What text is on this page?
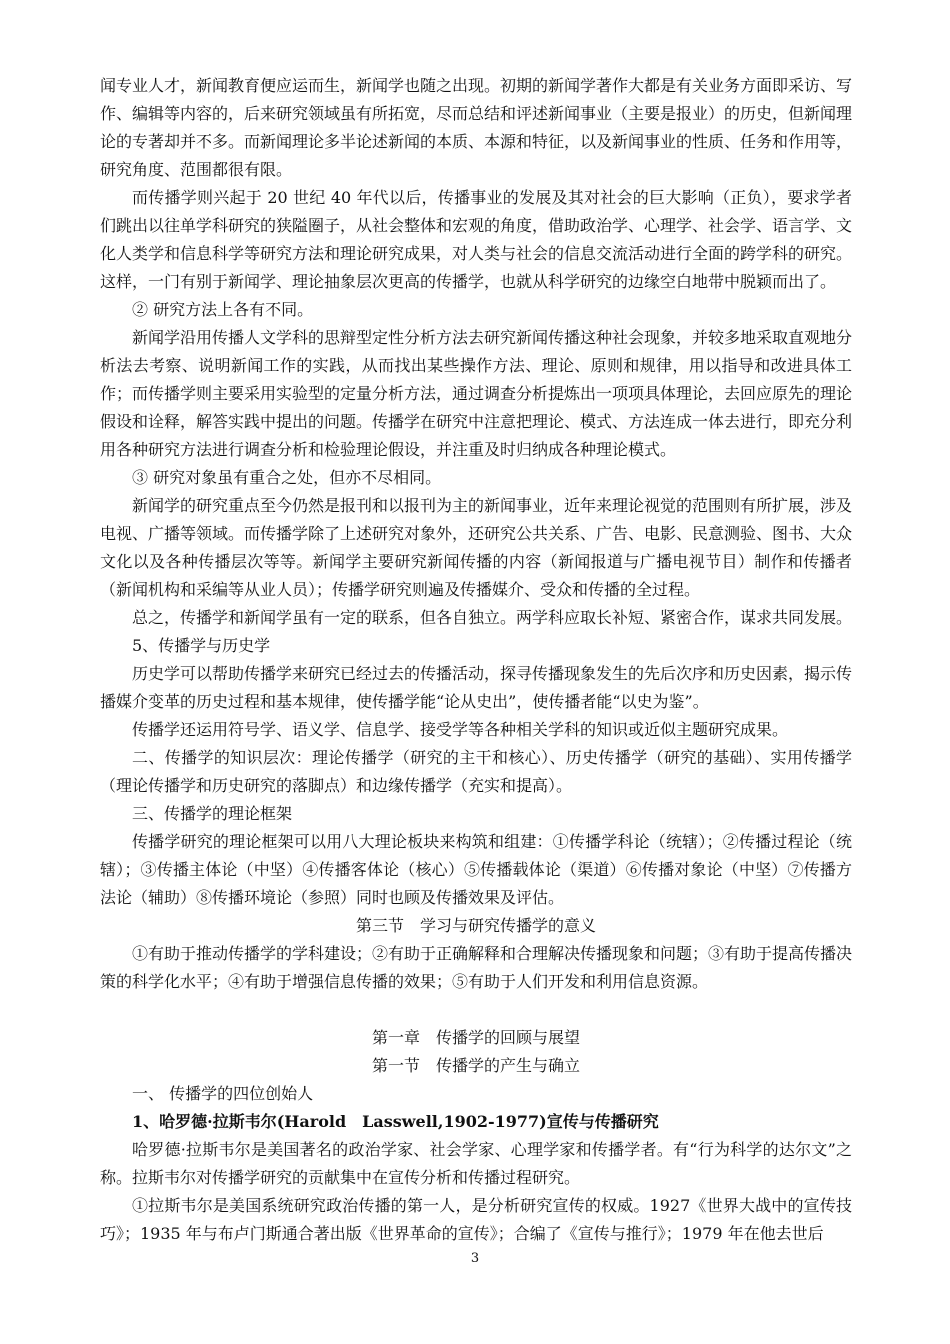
闻专业人才，新闻教育便应运而生，新闻学也随之出现。初期的新闻学著作大都是有关业务方面即采访、写作、编辑等内容的，后来研究领域虽有所拓宽，尽而总结和评述新闻事业（主要是报业）的历史，但新闻理论的专著却并不多。而新闻理论多半论述新闻的本质、本源和特征，以及新闻事业的性质、任务和作用等，研究角度、范围都很有限。

而传播学则兴起于 20 世纪 40 年代以后，传播事业的发展及其对社会的巨大影响（正负），要求学者们跳出以往单学科研究的狭隘圈子，从社会整体和宏观的角度，借助政治学、心理学、社会学、语言学、文化人类学和信息科学等研究方法和理论研究成果，对人类与社会的信息交流活动进行全面的跨学科的研究。这样，一门有别于新闻学、理论抽象层次更高的传播学，也就从科学研究的边缘空白地带中脱颖而出了。

② 研究方法上各有不同。

新闻学沿用传播人文学科的思辩型定性分析方法去研究新闻传播这种社会现象，并较多地采取直观地分析法去考察、说明新闻工作的实践，从而找出某些操作方法、理论、原则和规律，用以指导和改进具体工作；而传播学则主要采用实验型的定量分析方法，通过调查分析提炼出一项项具体理论，去回应原先的理论假设和诠释，解答实践中提出的问题。传播学在研究中注意把理论、模式、方法连成一体去进行，即充分利用各种研究方法进行调查分析和检验理论假设，并注重及时归纳成各种理论模式。

③ 研究对象虽有重合之处，但亦不尽相同。

新闻学的研究重点至今仍然是报刊和以报刊为主的新闻事业，近年来理论视觉的范围则有所扩展，涉及电视、广播等领域。而传播学除了上述研究对象外，还研究公共关系、广告、电影、民意测验、图书、大众文化以及各种传播层次等等。新闻学主要研究新闻传播的内容（新闻报道与广播电视节目）制作和传播者（新闻机构和采编等从业人员）；传播学研究则遍及传播媒介、受众和传播的全过程。

总之，传播学和新闻学虽有一定的联系，但各自独立。两学科应取长补短、紧密合作，谋求共同发展。

5、传播学与历史学

历史学可以帮助传播学来研究已经过去的传播活动，探寻传播现象发生的先后次序和历史因素，揭示传播媒介变革的历史过程和基本规律，使传播学能“论从史出”，使传播者能“以史为鉴”。

传播学还运用符号学、语义学、信息学、接受学等各种相关学科的知识或近似主题研究成果。

二、传播学的知识层次：理论传播学（研究的主干和核心）、历史传播学（研究的基础）、实用传播学（理论传播学和历史研究的落脚点）和边缘传播学（充实和提高）。

三、传播学的理论框架

传播学研究的理论框架可以用八大理论板块来构筑和组建：①传播学科论（统辖）；②传播过程论（统辖）；③传播主体论（中坚）④传播客体论（核心）⑤传播载体论（渠道）⑥传播对象论（中坚）⑦传播方法论（辅助）⑧传播环境论（参照）同时也顾及传播效果及评估。

第三节　学习与研究传播学的意义

①有助于推动传播学的学科建设；②有助于正确解释和合理解决传播现象和问题；③有助于提高传播决策的科学化水平；④有助于增强信息传播的效果；⑤有助于人们开发和利用信息资源。

第一章　传播学的回顾与展望

第一节　传播学的产生与确立

一、 传播学的四位创始人

1、哈罗德·拉斯韦尔(Harold　Lasswell,1902-1977)宣传与传播研究

哈罗德·拉斯韦尔是美国著名的政治学家、社会学家、心理学家和传播学者。有“行为科学的达尔文”之称。拉斯韦尔对传播学研究的贡献集中在宣传分析和传播过程研究。

①拉斯韦尔是美国系统研究政治传播的第一人，是分析研究宣传的权威。1927《世界大战中的宣传技巧》；1935 年与布卢门斯通合著出版《世界革命的宣传》；合编了《宣传与推行》；1979 年在他去世后

3
